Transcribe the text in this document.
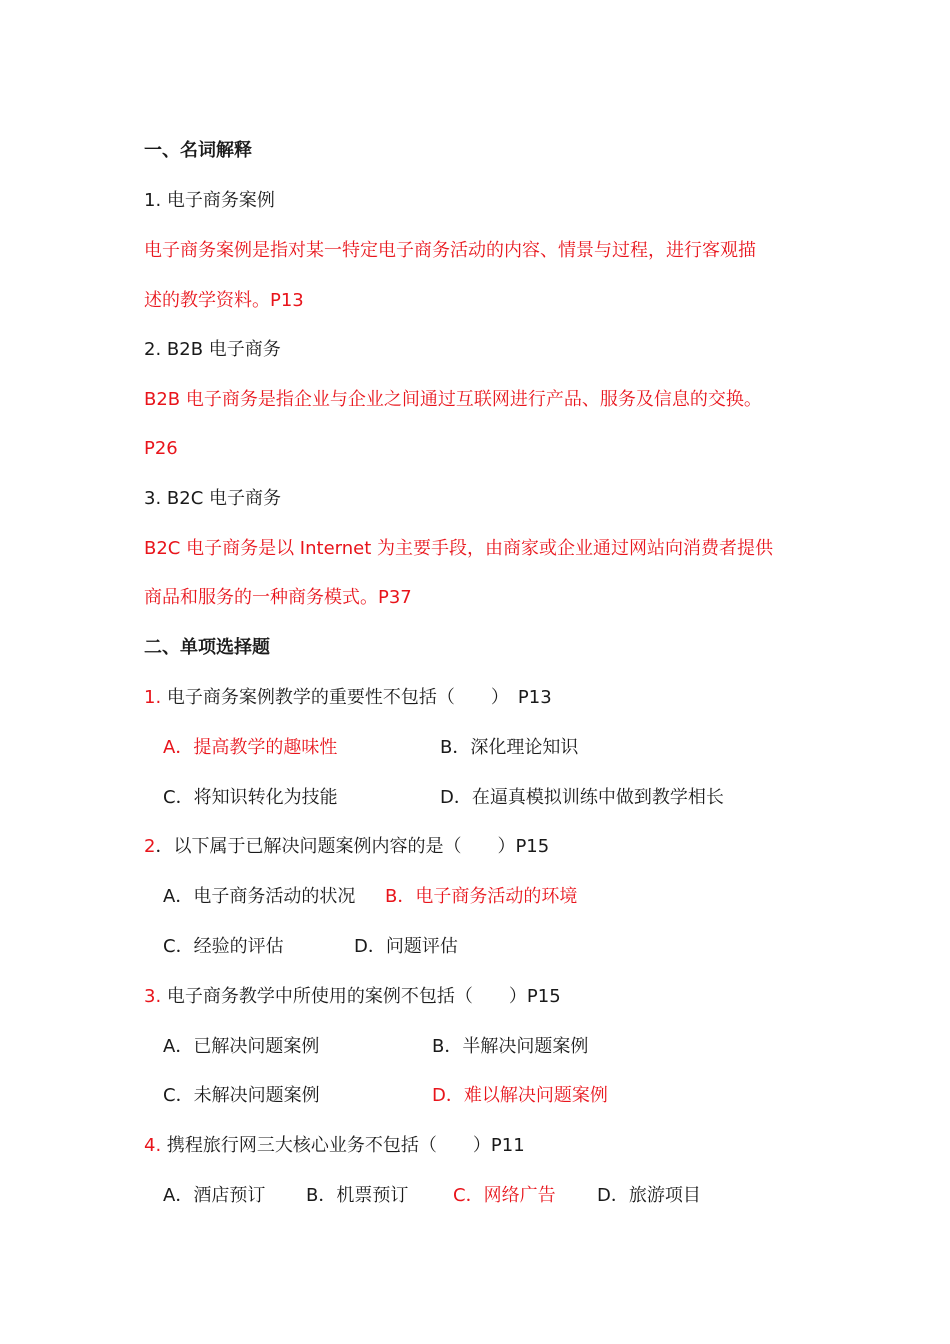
一、名词解释

1. 电子商务案例

电子商务案例是指对某一特定电子商务活动的内容、情景与过程，进行客观描

述的教学资料。P13

2. B2B 电子商务

B2B 电子商务是指企业与企业之间通过互联网进行产品、服务及信息的交换。

P26

3. B2C 电子商务

B2C 电子商务是以 Internet 为主要手段，由商家或企业通过网站向消费者提供

商品和服务的一种商务模式。P37

二、单项选择题

1. 电子商务案例教学的重要性不包括（　　）　P13

A．提高教学的趣味性	B．深化理论知识
C．将知识转化为技能	D．在逼真模拟训练中做到教学相长

2．以下属于已解决问题案例内容的是（　　）P15

A．电子商务活动的状况 B．电子商务活动的环境
C．经验的评估	D．问题评估

3. 电子商务教学中所使用的案例不包括（　　）P15

A．已解决问题案例	B．半解决问题案例
C．未解决问题案例	D．难以解决问题案例

4. 携程旅行网三大核心业务不包括（　　）P11

A．酒店预订 B．机票预订 C．网络广告 D．旅游项目
